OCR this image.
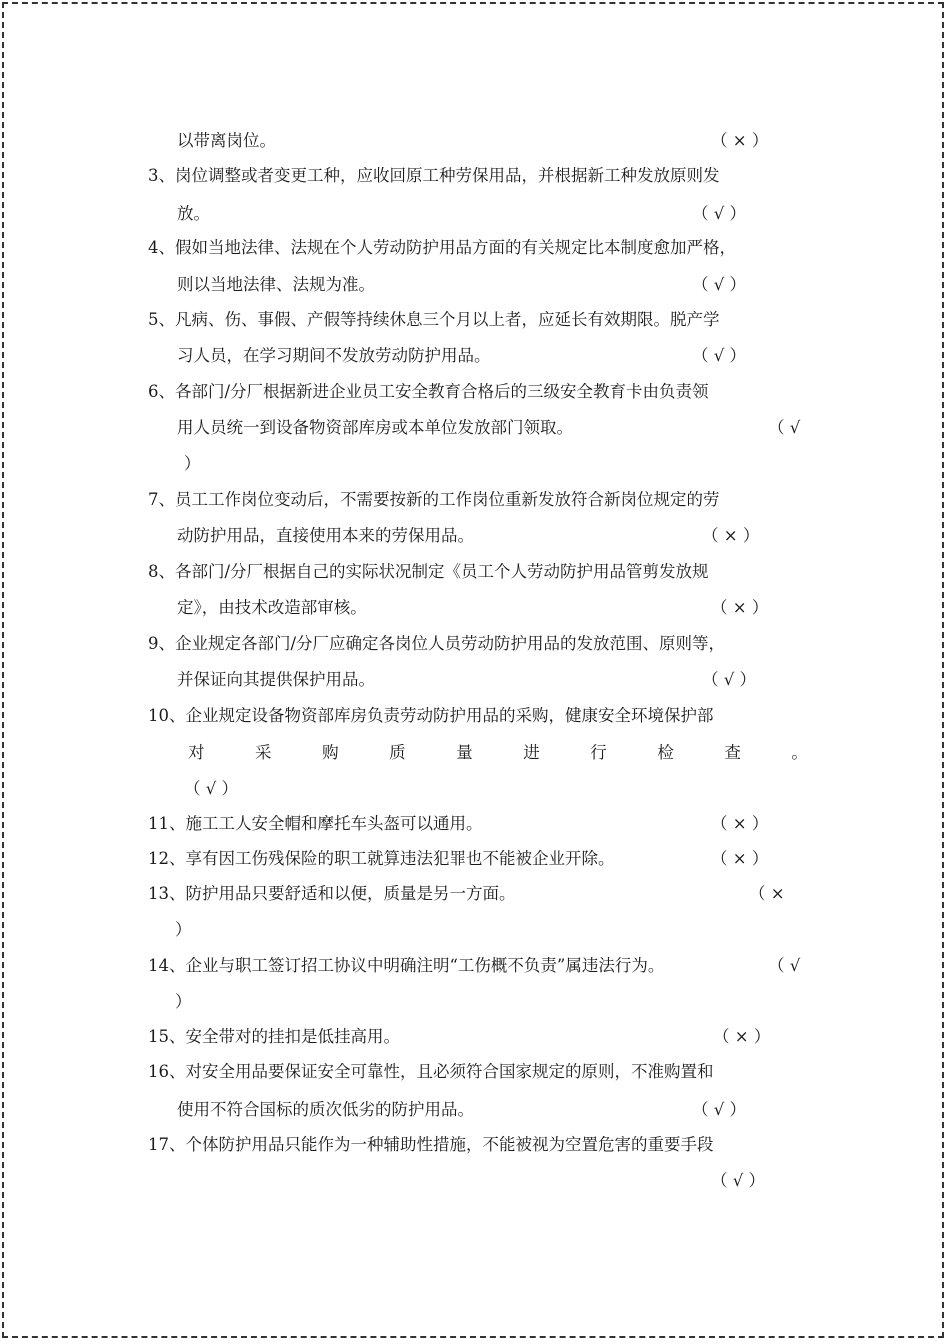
以带离岗位。	（ × ）
3、岗位调整或者变更工种，应收回原工种劳保用品，并根据新工种发放原则发
放。	（ √ ）
4、假如当地法律、法规在个人劳动防护用品方面的有关规定比本制度愈加严格，
则以当地法律、法规为准。	（ √ ）
5、凡病、伤、事假、产假等持续休息三个月以上者，应延长有效期限。脱产学
习人员，在学习期间不发放劳动防护用品。	（ √ ）
6、各部门/分厂根据新进企业员工安全教育合格后的三级安全教育卡由负责领
用人员统一到设备物资部库房或本单位发放部门领取。	（ √
）
7、员工工作岗位变动后，不需要按新的工作岗位重新发放符合新岗位规定的劳
动防护用品，直接使用本来的劳保用品。	（ × ）
8、各部门/分厂根据自己的实际状况制定《员工个人劳动防护用品管剪发放规
定》，由技术改造部审核。	（ × ）
9、企业规定各部门/分厂应确定各岗位人员劳动防护用品的发放范围、原则等，
并保证向其提供保护用品。	（ √ ）
10、企业规定设备物资部库房负责劳动防护用品的采购，健康安全环境保护部
对	采	购	质	量	进	行	检	查	。
（ √ ）
11、施工工人安全帽和摩托车头盔可以通用。	（ × ）
12、享有因工伤残保险的职工就算违法犯罪也不能被企业开除。	（ × ）
13、防护用品只要舒适和以便，质量是另一方面。	（ ×
）
14、企业与职工签订招工协议中明确注明“工伤概不负责”属违法行为。	（ √
）
15、安全带对的挂扣是低挂高用。	（ × ）
16、对安全用品要保证安全可靠性，且必须符合国家规定的原则，不准购置和
使用不符合国标的质次低劣的防护用品。	（ √ ）
17、个体防护用品只能作为一种辅助性措施，不能被视为空置危害的重要手段
（ √ ）
